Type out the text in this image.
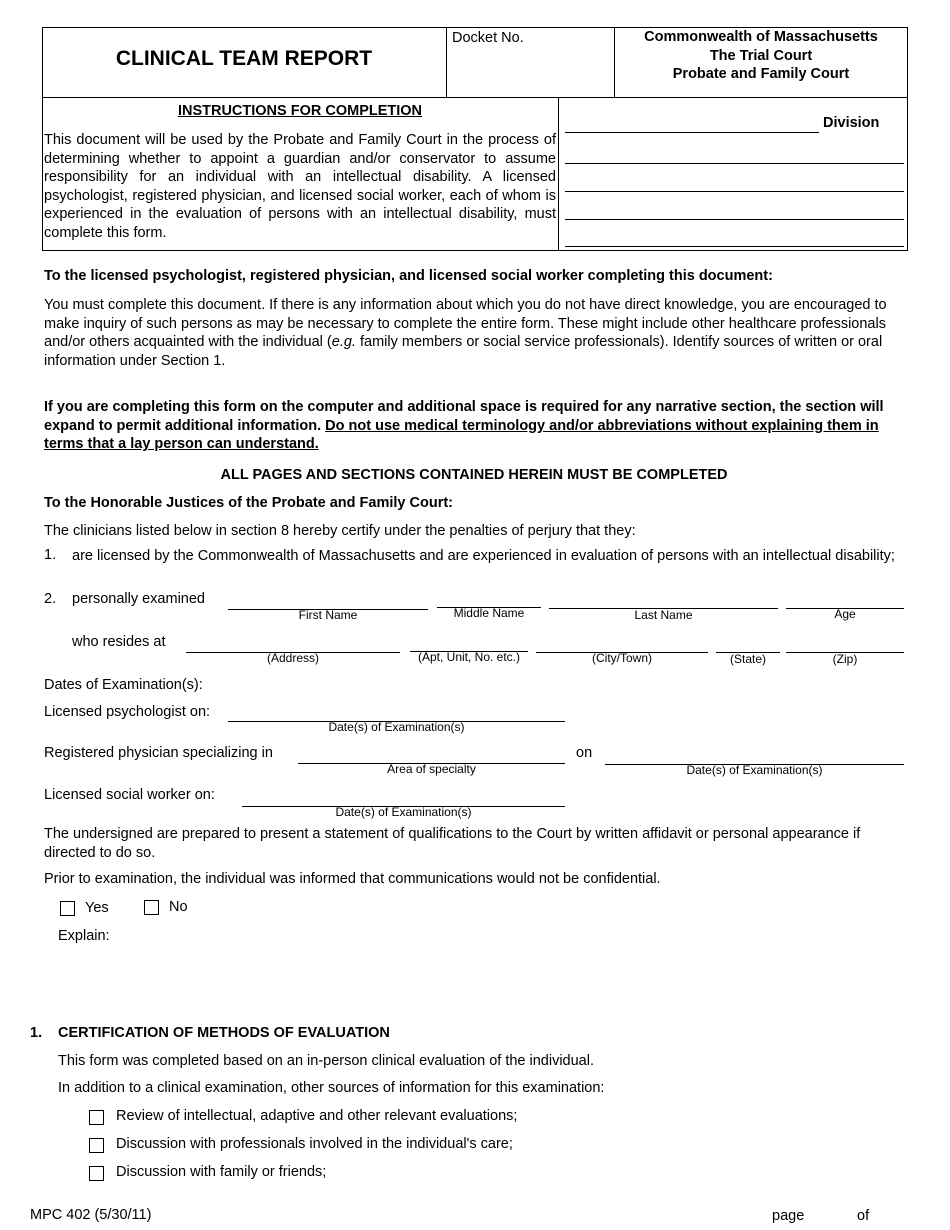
CLINICAL TEAM REPORT
Docket No.	Commonwealth of Massachusetts
The Trial Court
Probate and Family Court
INSTRUCTIONS FOR COMPLETION
This document will be used by the Probate and Family Court in the process of determining whether to appoint a guardian and/or conservator to assume responsibility for an individual with an intellectual disability. A licensed psychologist, registered physician, and licensed social worker, each of whom is experienced in the evaluation of persons with an intellectual disability, must complete this form.
Division
To the licensed psychologist, registered physician, and licensed social worker completing this document:
You must complete this document. If there is any information about which you do not have direct knowledge, you are encouraged to make inquiry of such persons as may be necessary to complete the entire form. These might include other healthcare professionals and/or others acquainted with the individual (e.g. family members or social service professionals). Identify sources of written or oral information under Section 1.
If you are completing this form on the computer and additional space is required for any narrative section, the section will expand to permit additional information. Do not use medical terminology and/or abbreviations without explaining them in terms that a lay person can understand.
ALL PAGES AND SECTIONS CONTAINED HEREIN MUST BE COMPLETED
To the Honorable Justices of the Probate and Family Court:
The clinicians listed below in section 8 hereby certify under the penalties of perjury that they:
1. are licensed by the Commonwealth of Massachusetts and are experienced in evaluation of persons with an intellectual disability;
2. personally examined
First Name	Middle Name	Last Name	Age
who resides at
(Address)	(Apt, Unit, No. etc.)	(City/Town)	(State)	(Zip)
Dates of Examination(s):
Licensed psychologist on:
Date(s) of Examination(s)
Registered physician specializing in
Area of specialty
on
Date(s) of Examination(s)
Licensed social worker on:
Date(s) of Examination(s)
The undersigned are prepared to present a statement of qualifications to the Court by written affidavit or personal appearance if directed to do so.
Prior to examination, the individual was informed that communications would not be confidential.
Yes	No
Explain:
1. CERTIFICATION OF METHODS OF EVALUATION
This form was completed based on an in-person clinical evaluation of the individual.
In addition to a clinical examination, other sources of information for this examination:
Review of intellectual, adaptive and other relevant evaluations;
Discussion with professionals involved in the individual's care;
Discussion with family or friends;
MPC 402 (5/30/11)	page	of
